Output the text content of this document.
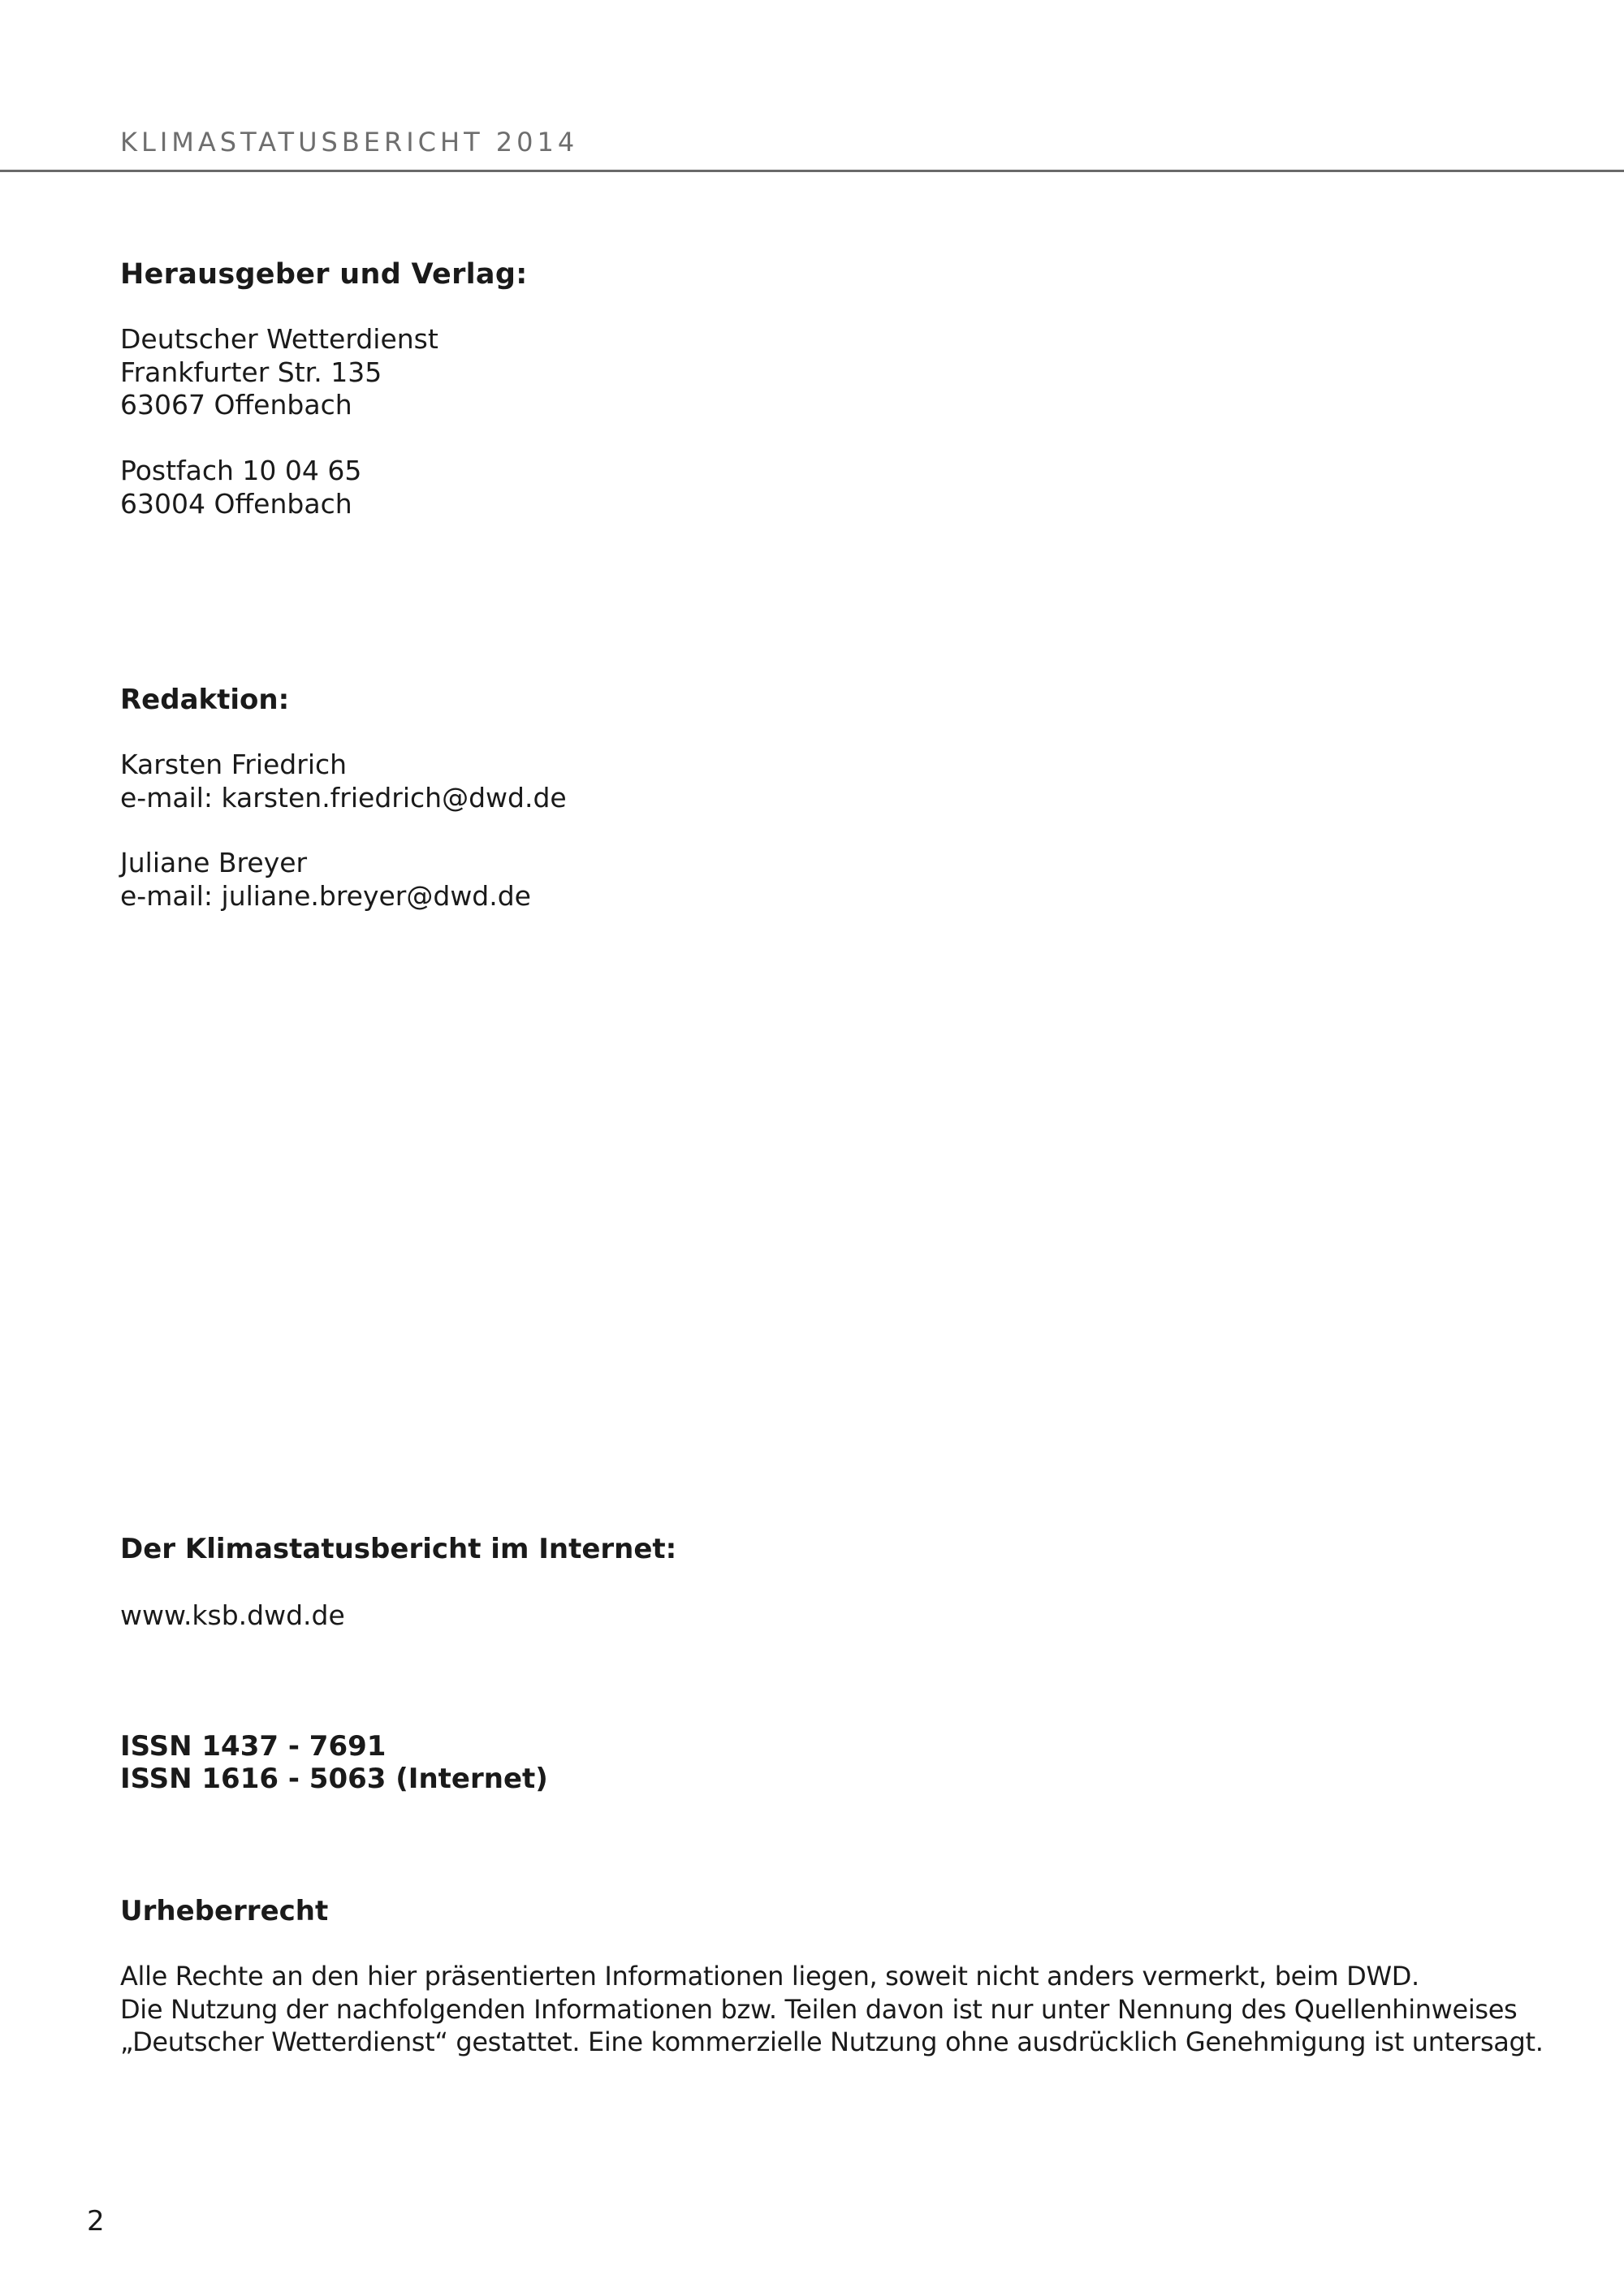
KLIMASTATUSBERICHT 2014
Herausgeber und Verlag:
Deutscher Wetterdienst
Frankfurter Str. 135
63067 Offenbach
Postfach 10 04 65
63004 Offenbach
Redaktion:
Karsten Friedrich
e-mail: karsten.friedrich@dwd.de
Juliane Breyer
e-mail: juliane.breyer@dwd.de
Der Klimastatusbericht im Internet:
www.ksb.dwd.de
ISSN 1437 - 7691
ISSN 1616 - 5063 (Internet)
Urheberrecht
Alle Rechte an den hier präsentierten Informationen liegen, soweit nicht anders vermerkt, beim DWD.
Die Nutzung der nachfolgenden Informationen bzw. Teilen davon ist nur unter Nennung des Quellenhinweises
„Deutscher Wetterdienst“ gestattet. Eine kommerzielle Nutzung ohne ausdrücklich Genehmigung ist untersagt.
2
